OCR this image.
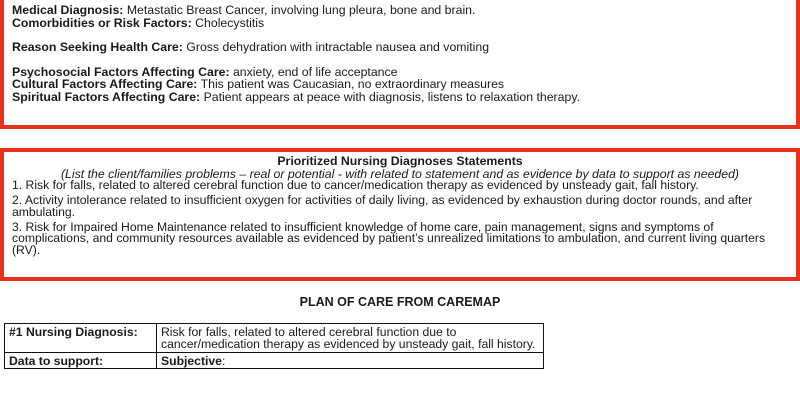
Medical Diagnosis: Metastatic Breast Cancer, involving lung pleura, bone and brain.
Comorbidities or Risk Factors: Cholecystitis
Reason Seeking Health Care: Gross dehydration with intractable nausea and vomiting
Psychosocial Factors Affecting Care: anxiety, end of life acceptance
Cultural Factors Affecting Care: This patient was Caucasian, no extraordinary measures
Spiritual Factors Affecting Care: Patient appears at peace with diagnosis, listens to relaxation therapy.
Prioritized Nursing Diagnoses Statements
(List the client/families problems – real or potential - with related to statement and as evidence by data to support as needed)
1. Risk for falls, related to altered cerebral function due to cancer/medication therapy as evidenced by unsteady gait, fall history.
2. Activity intolerance related to insufficient oxygen for activities of daily living, as evidenced by exhaustion during doctor rounds, and after ambulating.
3. Risk for Impaired Home Maintenance related to insufficient knowledge of home care, pain management, signs and symptoms of complications, and community resources available as evidenced by patient’s unrealized limitations to ambulation, and current living quarters (RV).
PLAN OF CARE FROM CAREMAP
#1 Nursing Diagnosis:	Risk for falls, related to altered cerebral function due to cancer/medication therapy as evidenced by unsteady gait, fall history.
Data to support:	Subjective:
